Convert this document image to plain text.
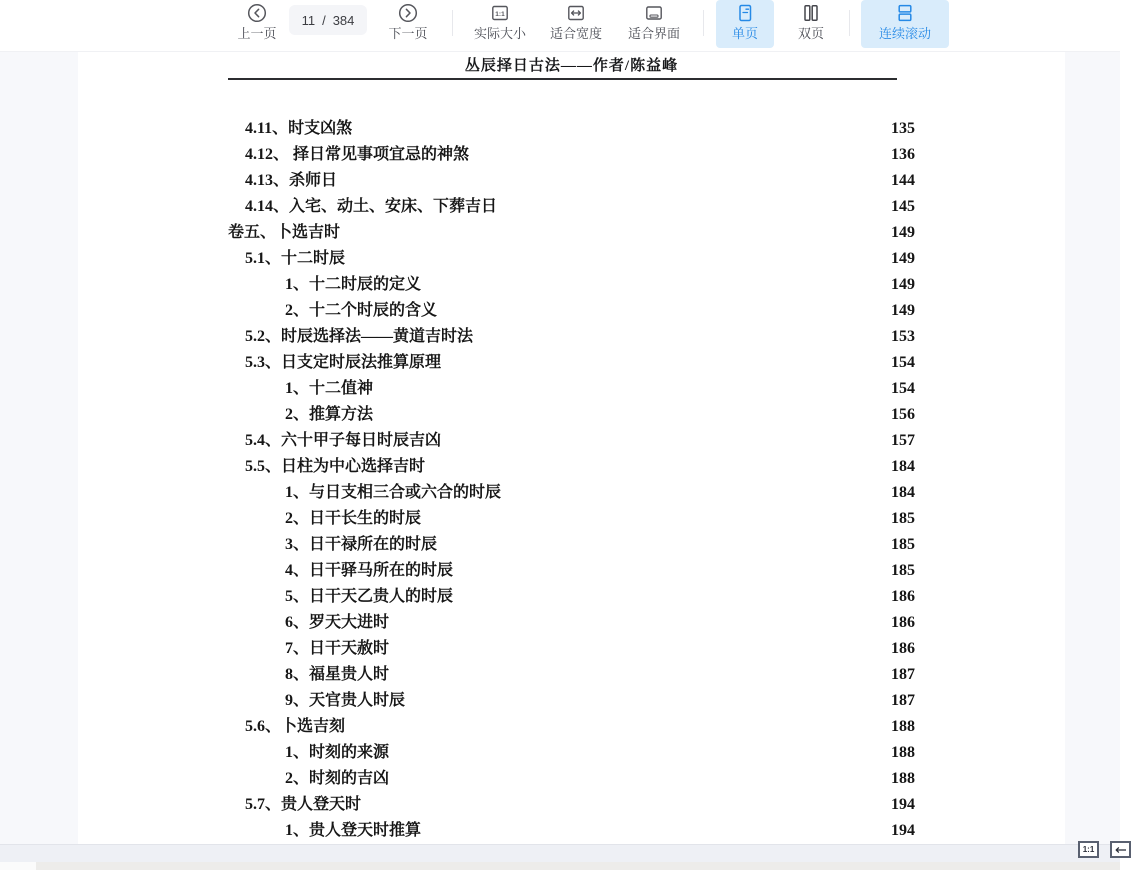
上一页
11 / 384
下一页
1:1
实际大小 适合宽度 适合界面	单页	双页	连续滚动
丛辰择日古法——作者/陈益峰
4.11、时支凶煞	135
4.12、 择日常见事项宜忌的神煞	136
4.13、杀师日	144
4.14、入宅、动土、安床、下葬吉日	145
卷五、卜选吉时	149
5.1、十二时辰	149
1、十二时辰的定义	149
2、十二个时辰的含义	149
5.2、时辰选择法——黄道吉时法	153
5.3、日支定时辰法推算原理	154
1、十二值神	154
2、推算方法	156
5.4、六十甲子每日时辰吉凶	157
5.5、日柱为中心选择吉时	184
1、与日支相三合或六合的时辰	184
2、日干长生的时辰	185
3、日干禄所在的时辰	185
4、日干驿马所在的时辰	185
5、日干天乙贵人的时辰	186
6、罗天大进时	186
7、日干天赦时	186
8、福星贵人时	187
9、天官贵人时辰	187
5.6、卜选吉刻	188
1、时刻的来源	188
2、时刻的吉凶	188
5.7、贵人登天时	194
1、贵人登天时推算	194
1:1
